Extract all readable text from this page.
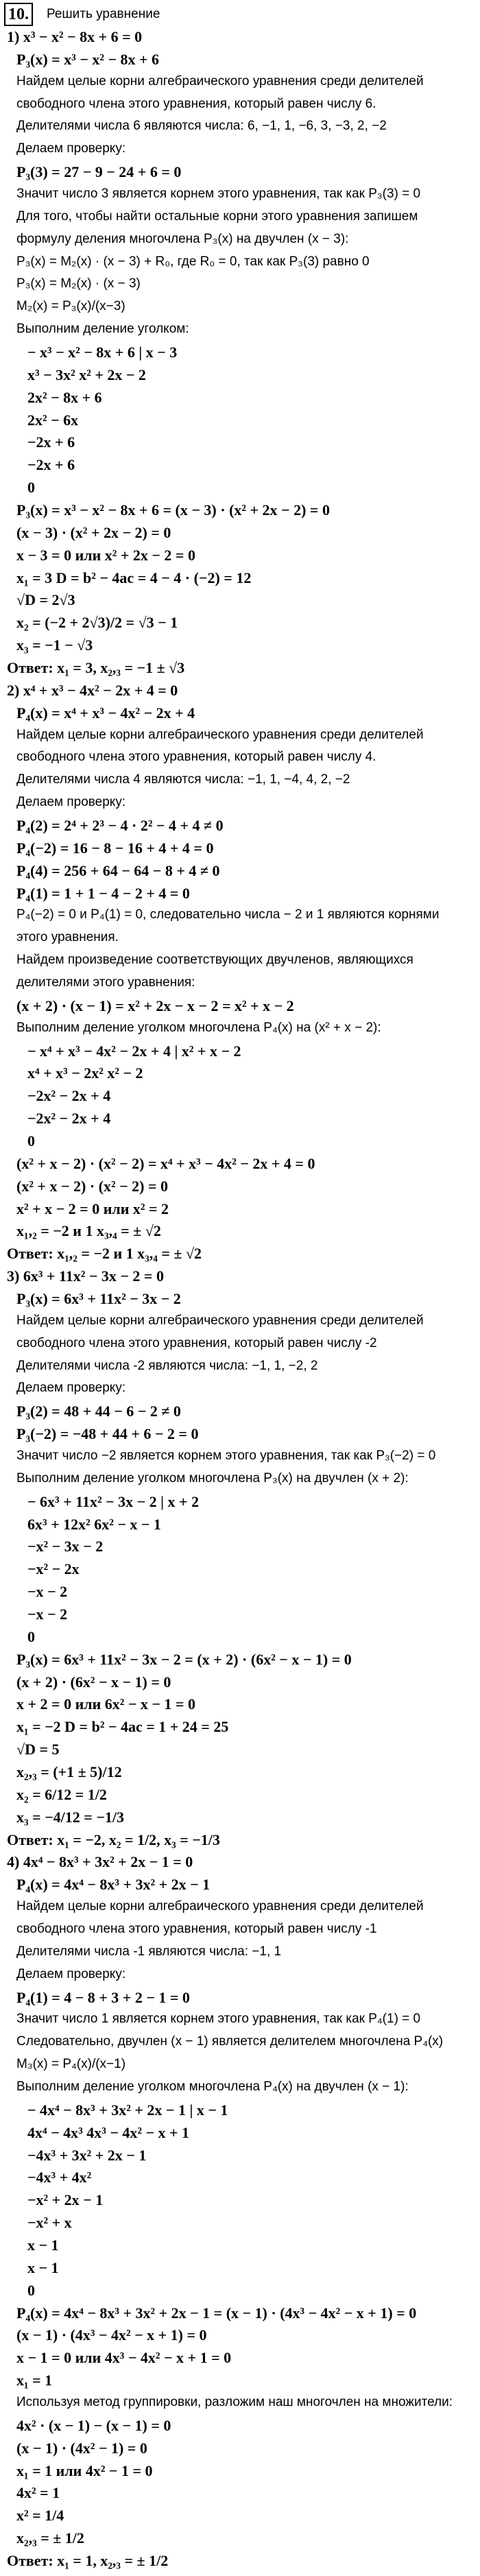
10.	Решить уравнение
1) x³ − x² − 8x + 6 = 0
P₃(x) = x³ − x² − 8x + 6
Найдем целые корни алгебраического уравнения среди делителей
свободного члена этого уравнения, который равен числу 6.
Делителями числа 6 являются числа: 6, −1, 1, −6, 3, −3, 2, −2
Делаем проверку:
P₃(3) = 27 − 9 − 24 + 6 = 0
Значит число 3 является корнем этого уравнения, так как P₃(3) = 0
Для того, чтобы найти остальные корни этого уравнения запишем
формулу деления многочлена P₃(x) на двучлен (x − 3):
P₃(x) = M₂(x) · (x − 3) + R₀, где R₀ = 0, так как P₃(3) равно 0
P₃(x) = M₂(x) · (x − 3)
M₂(x) = P₃(x)/(x−3)
Выполним деление уголком:
− x³ − x² − 8x + 6 | x − 3
x³ − 3x² x² + 2x − 2
2x² − 8x + 6
2x² − 6x
−2x + 6
−2x + 6
0
P₃(x) = x³ − x² − 8x + 6 = (x − 3) · (x² + 2x − 2) = 0
(x − 3) · (x² + 2x − 2) = 0
x − 3 = 0 или x² + 2x − 2 = 0
x₁ = 3 D = b² − 4ac = 4 − 4 · (−2) = 12
√D = 2√3
x₂ = (−2 + 2√3)/2 = √3 − 1
x₃ = −1 − √3
Ответ: x₁ = 3, x₂,₃ = −1 ± √3
2) x⁴ + x³ − 4x² − 2x + 4 = 0
P₄(x) = x⁴ + x³ − 4x² − 2x + 4
Найдем целые корни алгебраического уравнения среди делителей
свободного члена этого уравнения, который равен числу 4.
Делителями числа 4 являются числа: −1, 1, −4, 4, 2, −2
Делаем проверку:
P₄(2) = 2⁴ + 2³ − 4 · 2² − 4 + 4 ≠ 0
P₄(−2) = 16 − 8 − 16 + 4 + 4 = 0
P₄(4) = 256 + 64 − 64 − 8 + 4 ≠ 0
P₄(1) = 1 + 1 − 4 − 2 + 4 = 0
P₄(−2) = 0 и P₄(1) = 0, следовательно числа − 2 и 1 являются корнями
этого уравнения.
Найдем произведение соответствующих двучленов, являющихся
делителями этого уравнения:
(x + 2) · (x − 1) = x² + 2x − x − 2 = x² + x − 2
Выполним деление уголком многочлена P₄(x) на (x² + x − 2):
− x⁴ + x³ − 4x² − 2x + 4 | x² + x − 2
x⁴ + x³ − 2x² x² − 2
−2x² − 2x + 4
−2x² − 2x + 4
0
(x² + x − 2) · (x² − 2) = x⁴ + x³ − 4x² − 2x + 4 = 0
(x² + x − 2) · (x² − 2) = 0
x² + x − 2 = 0 или x² = 2
x₁,₂ = −2 и 1 x₃,₄ = ± √2
Ответ: x₁,₂ = −2 и 1 x₃,₄ = ± √2
3) 6x³ + 11x² − 3x − 2 = 0
P₃(x) = 6x³ + 11x² − 3x − 2
Найдем целые корни алгебраического уравнения среди делителей
свободного члена этого уравнения, который равен числу -2
Делителями числа -2 являются числа: −1, 1, −2, 2
Делаем проверку:
P₃(2) = 48 + 44 − 6 − 2 ≠ 0
P₃(−2) = −48 + 44 + 6 − 2 = 0
Значит число −2 является корнем этого уравнения, так как P₃(−2) = 0
Выполним деление уголком многочлена P₃(x) на двучлен (x + 2):
− 6x³ + 11x² − 3x − 2 | x + 2
6x³ + 12x² 6x² − x − 1
−x² − 3x − 2
−x² − 2x
−x − 2
−x − 2
0
P₃(x) = 6x³ + 11x² − 3x − 2 = (x + 2) · (6x² − x − 1) = 0
(x + 2) · (6x² − x − 1) = 0
x + 2 = 0 или 6x² − x − 1 = 0
x₁ = −2 D = b² − 4ac = 1 + 24 = 25
√D = 5
x₂,₃ = (+1 ± 5)/12
x₂ = 6/12 = 1/2
x₃ = −4/12 = −1/3
Ответ: x₁ = −2, x₂ = 1/2, x₃ = −1/3
4) 4x⁴ − 8x³ + 3x² + 2x − 1 = 0
P₄(x) = 4x⁴ − 8x³ + 3x² + 2x − 1
Найдем целые корни алгебраического уравнения среди делителей
свободного члена этого уравнения, который равен числу -1
Делителями числа -1 являются числа: −1, 1
Делаем проверку:
P₄(1) = 4 − 8 + 3 + 2 − 1 = 0
Значит число 1 является корнем этого уравнения, так как P₄(1) = 0
Следовательно, двучлен (x − 1) является делителем многочлена P₄(x)
M₃(x) = P₄(x)/(x−1)
Выполним деление уголком многочлена P₄(x) на двучлен (x − 1):
− 4x⁴ − 8x³ + 3x² + 2x − 1 | x − 1
4x⁴ − 4x³ 4x³ − 4x² − x + 1
−4x³ + 3x² + 2x − 1
−4x³ + 4x²
−x² + 2x − 1
−x² + x
x − 1
x − 1
0
P₄(x) = 4x⁴ − 8x³ + 3x² + 2x − 1 = (x − 1) · (4x³ − 4x² − x + 1) = 0
(x − 1) · (4x³ − 4x² − x + 1) = 0
x − 1 = 0 или 4x³ − 4x² − x + 1 = 0
x₁ = 1
Используя метод группировки, разложим наш многочлен на множители:
4x² · (x − 1) − (x − 1) = 0
(x − 1) · (4x² − 1) = 0
x₁ = 1 или 4x² − 1 = 0
4x² = 1
x² = 1/4
x₂,₃ = ± 1/2
Ответ: x₁ = 1, x₂,₃ = ± 1/2
